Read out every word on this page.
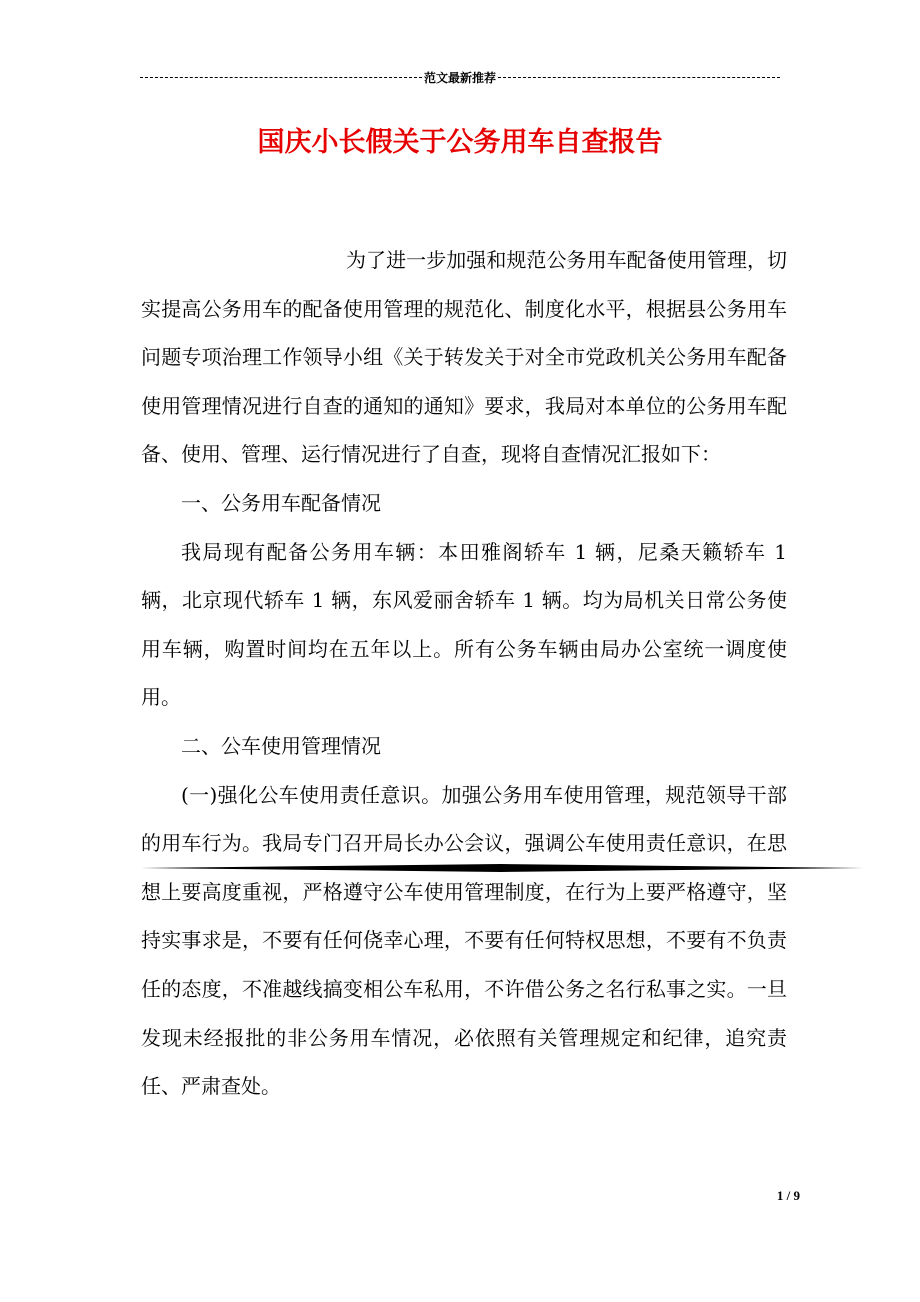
范文最新推荐
国庆小长假关于公务用车自查报告

为了进一步加强和规范公务用车配备使用管理，切实提高公务用车的配备使用管理的规范化、制度化水平，根据县公务用车问题专项治理工作领导小组《关于转发关于对全市党政机关公务用车配备使用管理情况进行自查的通知的通知》要求，我局对本单位的公务用车配备、使用、管理、运行情况进行了自查，现将自查情况汇报如下：

一、公务用车配备情况

我局现有配备公务用车辆：本田雅阁轿车 1 辆，尼桑天籁轿车 1 辆，北京现代轿车 1 辆，东风爱丽舍轿车 1 辆。均为局机关日常公务使用车辆，购置时间均在五年以上。所有公务车辆由局办公室统一调度使用。

二、公车使用管理情况

(一)强化公车使用责任意识。加强公务用车使用管理，规范领导干部的用车行为。我局专门召开局长办公会议，强调公车使用责任意识，在思想上要高度重视，严格遵守公车使用管理制度，在行为上要严格遵守，坚持实事求是，不要有任何侥幸心理，不要有任何特权思想，不要有不负责任的态度，不准越线搞变相公车私用，不许借公务之名行私事之实。一旦发现未经报批的非公务用车情况，必依照有关管理规定和纪律，追究责任、严肃查处。

1 / 9
